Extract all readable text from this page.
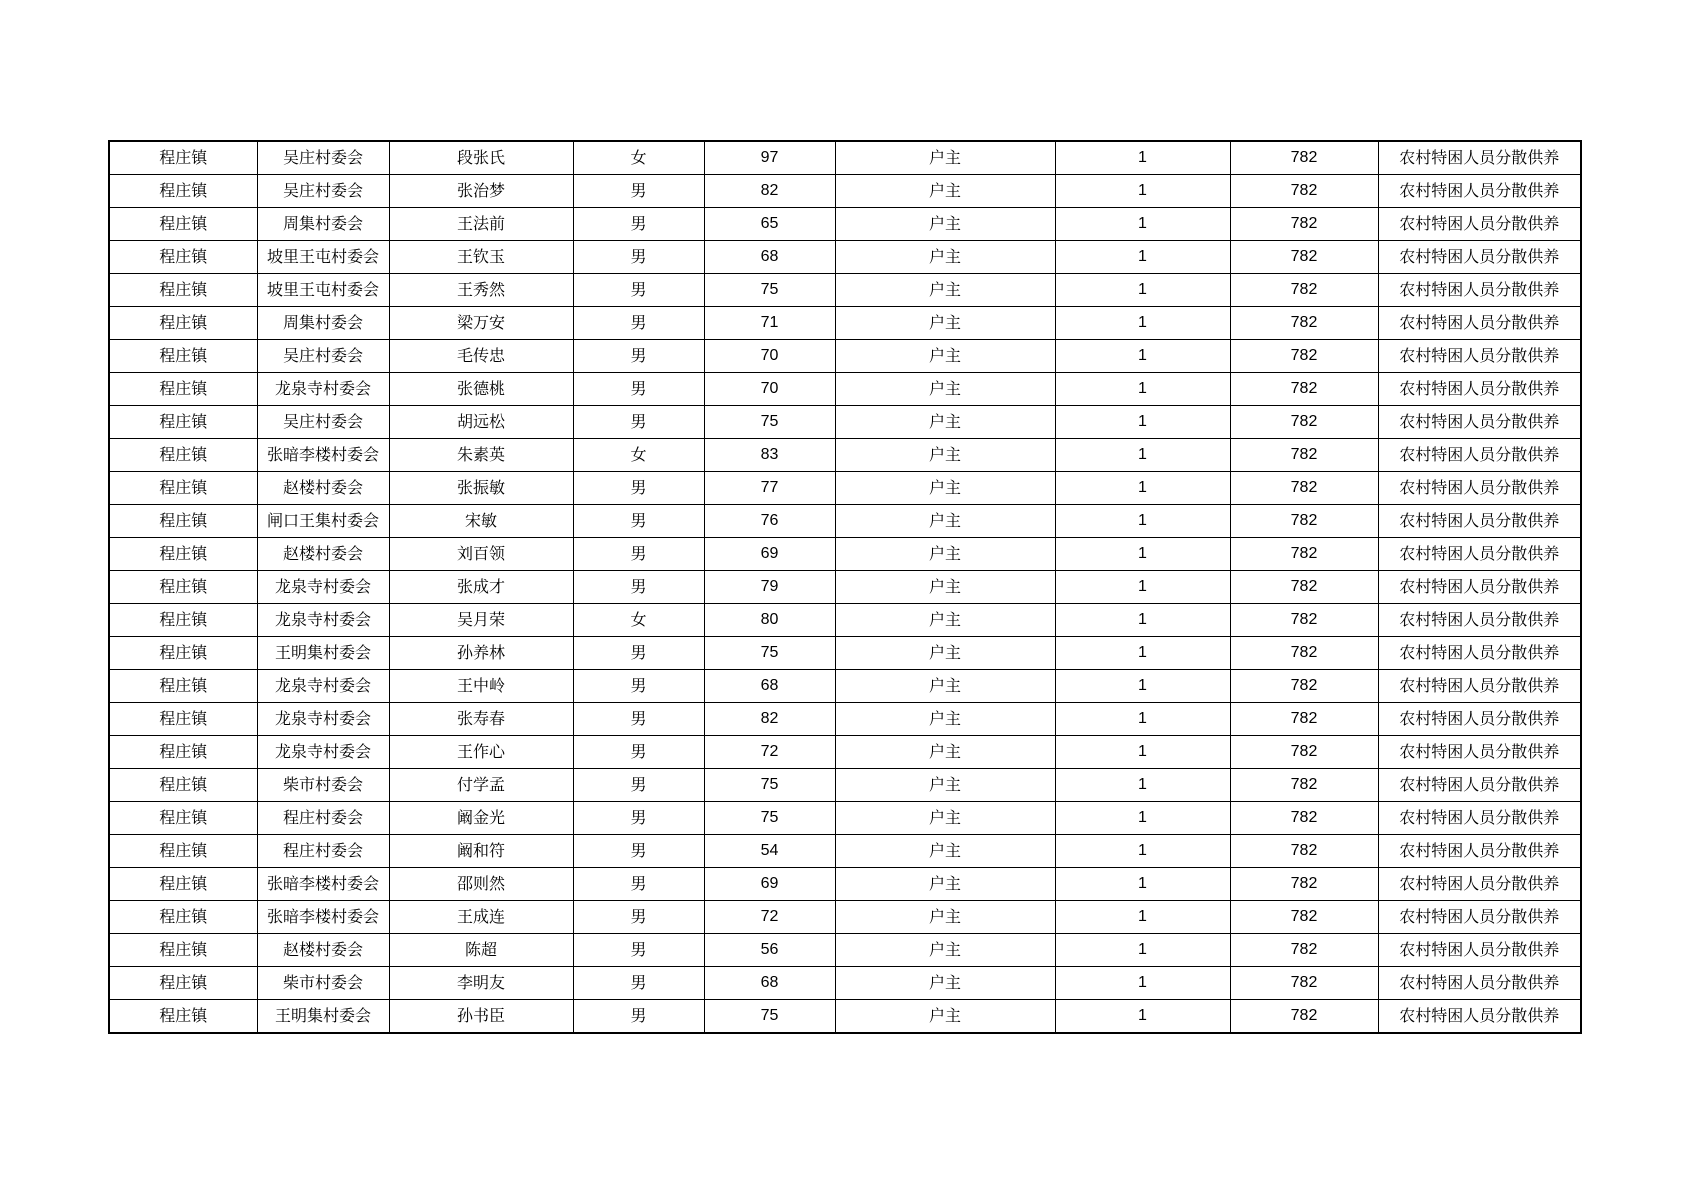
程庄镇	吴庄村委会	段张氏	女	97	户主	1	782	农村特困人员分散供养
程庄镇	吴庄村委会	张治梦	男	82	户主	1	782	农村特困人员分散供养
程庄镇	周集村委会	王法前	男	65	户主	1	782	农村特困人员分散供养
程庄镇	坡里王屯村委会	王钦玉	男	68	户主	1	782	农村特困人员分散供养
程庄镇	坡里王屯村委会	王秀然	男	75	户主	1	782	农村特困人员分散供养
程庄镇	周集村委会	梁万安	男	71	户主	1	782	农村特困人员分散供养
程庄镇	吴庄村委会	毛传忠	男	70	户主	1	782	农村特困人员分散供养
程庄镇	龙泉寺村委会	张德桃	男	70	户主	1	782	农村特困人员分散供养
程庄镇	吴庄村委会	胡远松	男	75	户主	1	782	农村特困人员分散供养
程庄镇	张暗李楼村委会	朱素英	女	83	户主	1	782	农村特困人员分散供养
程庄镇	赵楼村委会	张振敏	男	77	户主	1	782	农村特困人员分散供养
程庄镇	闸口王集村委会	宋敏	男	76	户主	1	782	农村特困人员分散供养
程庄镇	赵楼村委会	刘百领	男	69	户主	1	782	农村特困人员分散供养
程庄镇	龙泉寺村委会	张成才	男	79	户主	1	782	农村特困人员分散供养
程庄镇	龙泉寺村委会	吴月荣	女	80	户主	1	782	农村特困人员分散供养
程庄镇	王明集村委会	孙养林	男	75	户主	1	782	农村特困人员分散供养
程庄镇	龙泉寺村委会	王中岭	男	68	户主	1	782	农村特困人员分散供养
程庄镇	龙泉寺村委会	张寿春	男	82	户主	1	782	农村特困人员分散供养
程庄镇	龙泉寺村委会	王作心	男	72	户主	1	782	农村特困人员分散供养
程庄镇	柴市村委会	付学孟	男	75	户主	1	782	农村特困人员分散供养
程庄镇	程庄村委会	阚金光	男	75	户主	1	782	农村特困人员分散供养
程庄镇	程庄村委会	阚和符	男	54	户主	1	782	农村特困人员分散供养
程庄镇	张暗李楼村委会	邵则然	男	69	户主	1	782	农村特困人员分散供养
程庄镇	张暗李楼村委会	王成连	男	72	户主	1	782	农村特困人员分散供养
程庄镇	赵楼村委会	陈超	男	56	户主	1	782	农村特困人员分散供养
程庄镇	柴市村委会	李明友	男	68	户主	1	782	农村特困人员分散供养
程庄镇	王明集村委会	孙书臣	男	75	户主	1	782	农村特困人员分散供养
